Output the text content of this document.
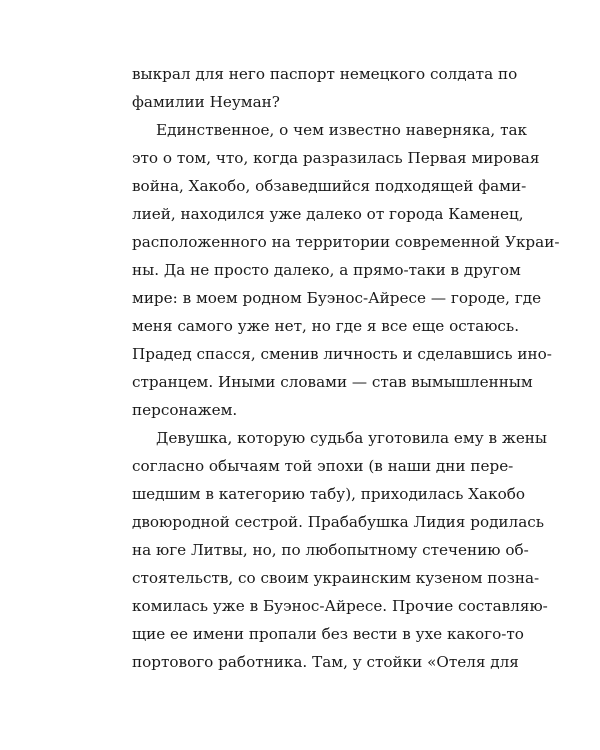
выкрал для него паспорт немецкого солдата по
фамилии Неуман?
Единственное, о чем известно наверняка, так
это о том, что, когда разразилась Первая мировая
война, Хакобо, обзаведшийся подходящей фами-
лией, находился уже далеко от города Каменец,
расположенного на территории современной Украи-
ны. Да не просто далеко, а прямо-таки в другом
мире: в моем родном Буэнос-Айресе — городе, где
меня самого уже нет, но где я все еще остаюсь.
Прадед спасся, сменив личность и сделавшись ино-
странцем. Иными словами — став вымышленным
персонажем.
Девушка, которую судьба уготовила ему в жены
согласно обычаям той эпохи (в наши дни пере-
шедшим в категорию табу), приходилась Хакобо
двоюродной сестрой. Прабабушка Лидия родилась
на юге Литвы, но, по любопытному стечению об-
стоятельств, со своим украинским кузеном позна-
комилась уже в Буэнос-Айресе. Прочие составляю-
щие ее имени пропали без вести в ухе какого-то
портового работника. Там, у стойки «Отеля для
